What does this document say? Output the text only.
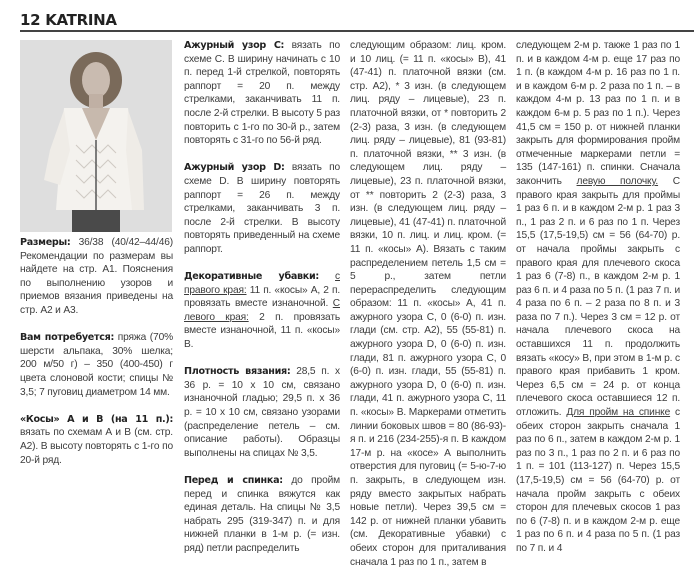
12 KATRINA

Размеры: 36/38 (40/42–44/46) Рекомендации по размерам вы найдете на стр. А1. Пояснения по выполнению узоров и приемов вязания приведены на стр. А2 и А3.

Вам потребуется: пряжа (70% шерсти альпака, 30% шелка; 200 м/50 г) – 350 (400-450) г цвета слоновой кости; спицы № 3,5; 7 пуговиц диаметром 14 мм.

«Косы» А и В (на 11 п.): вязать по схемам А и В (см. стр. А2). В высоту повторять с 1-го по 20-й ряд.

Ажурный узор C: вязать по схеме C. В ширину начинать с 10 п. перед 1-й стрелкой, повторять раппорт = 20 п. между стрелками, заканчивать 11 п. после 2-й стрелки. В высоту 5 раз повторить с 1-го по 30-й р., затем повторять с 31-го по 56-й ряд.

Ажурный узор D: вязать по схеме D. В ширину повторять раппорт = 26 п. между стрелками, заканчивать 3 п. после 2-й стрелки. В высоту повторять приведенный на схеме раппорт.

Декоративные убавки: с правого края: 11 п. «косы» А, 2 п. провязать вместе изнаночной. С левого края: 2 п. провязать вместе изнаночной, 11 п. «косы» В.

Плотность вязания: 28,5 п. х 36 р. = 10 х 10 см, связано изнаночной гладью; 29,5 п. х 36 р. = 10 х 10 см, связано узорами (распределение петель – см. описание работы). Образцы выполнены на спицах № 3,5.

Перед и спинка: до пройм перед и спинка вяжутся как единая деталь. На спицы № 3,5 набрать 295 (319-347) п. и для нижней планки в 1-м р. (= изн. ряд) петли распределить

следующим образом: лиц. кром. и 10 лиц. (= 11 п. «косы» В), 41 (47-41) п. платочной вязки (см. стр. А2), * 3 изн. (в следующем лиц. ряду – лицевые), 23 п. платочной вязки, от * повторить 2 (2-3) раза, 3 изн. (в следующем лиц. ряду – лицевые), 81 (93-81) п. платочной вязки, ** 3 изн. (в следующем лиц. ряду – лицевые), 23 п. платочной вязки, от ** повторить 2 (2-3) раза, 3 изн. (в следующем лиц. ряду – лицевые), 41 (47-41) п. платочной вязки, 10 п. лиц. и лиц. кром. (= 11 п. «косы» А). Вязать с таким распределением петель 1,5 см = 5 р., затем петли перераспределить следующим образом: 11 п. «косы» А, 41 п. ажурного узора C, 0 (6-0) п. изн. глади (см. стр. А2), 55 (55-81) п. ажурного узора D, 0 (6-0) п. изн. глади, 81 п. ажурного узора C, 0 (6-0) п. изн. глади, 55 (55-81) п. ажурного узора D, 0 (6-0) п. изн. глади, 41 п. ажурного узора C, 11 п. «косы» В. Маркерами отметить линии боковых швов = 80 (86-93)-я п. и 216 (234-255)-я п. В каждом 17-м р. на «косе» А выполнить отверстия для пуговиц (= 5-ю-7-ю п. закрыть, в следующем изн. ряду вместо закрытых набрать новые петли). Через 39,5 см = 142 р. от нижней планки убавить (см. Декоративные убавки) с обеих сторон для приталивания сначала 1 раз по 1 п., затем в

следующем 2-м р. также 1 раз по 1 п. и в каждом 4-м р. еще 17 раз по 1 п. (в каждом 4-м р. 16 раз по 1 п. и в каждом 6-м р. 2 раза по 1 п. – в каждом 4-м р. 13 раз по 1 п. и в каждом 6-м р. 5 раз по 1 п.). Через 41,5 см = 150 р. от нижней планки закрыть для формирования пройм отмеченные маркерами петли = 135 (147-161) п. спинки. Сначала закончить левую полочку. С правого края закрыть для проймы 1 раз 6 п. и в каждом 2-м р. 1 раз 3 п., 1 раз 2 п. и 6 раз по 1 п. Через 15,5 (17,5-19,5) см = 56 (64-70) р. от начала проймы закрыть с правого края для плечевого скоса 1 раз 6 (7-8) п., в каждом 2-м р. 1 раз 6 п. и 4 раза по 5 п. (1 раз 7 п. и 4 раза по 6 п. – 2 раза по 8 п. и 3 раза по 7 п.). Через 3 см = 12 р. от начала плечевого скоса на оставшихся 11 п. продолжить вязать «косу» В, при этом в 1-м р. с правого края прибавить 1 кром. Через 6,5 см = 24 р. от конца плечевого скоса оставшиеся 12 п. отложить. Для пройм на спинке с обеих сторон закрыть сначала 1 раз по 6 п., затем в каждом 2-м р. 1 раз по 3 п., 1 раз по 2 п. и 6 раз по 1 п. = 101 (113-127) п. Через 15,5 (17,5-19,5) см = 56 (64-70) р. от начала пройм закрыть с обеих сторон для плечевых скосов 1 раз по 6 (7-8) п. и в каждом 2-м р. еще 1 раз по 6 п. и 4 раза по 5 п. (1 раз по 7 п. и 4
